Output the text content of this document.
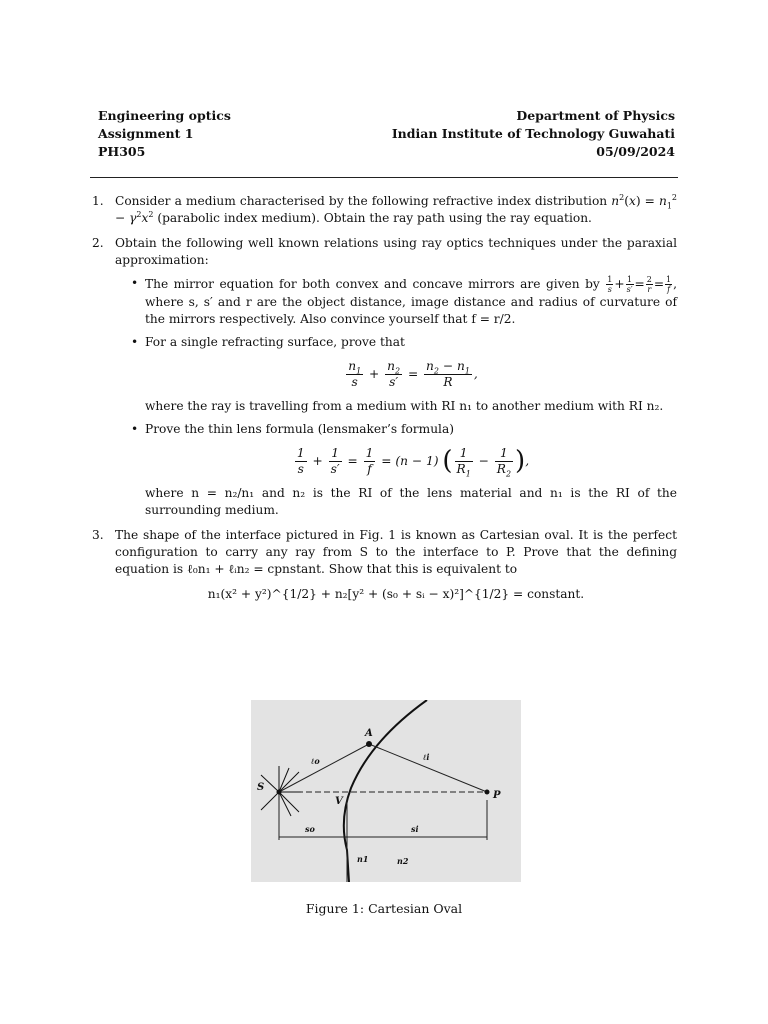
Engineering optics
Assignment 1
PH305
Department of Physics
Indian Institute of Technology Guwahati
05/09/2024
1. Consider a medium characterised by the following refractive index distribution $n^2(x) = n_1^2 - \gamma^2x^2$ (parabolic index medium). Obtain the ray path using the ray equation.
2. Obtain the following well known relations using ray optics techniques under the paraxial approximation:
• The mirror equation for both convex and concave mirrors are given by $\frac{1}{s} + \frac{1}{s'} = \frac{2}{r} = \frac{1}{f}$ , where s, s′ and r are the object distance, image distance and radius of curvature of the mirrors respectively. Also convince yourself that f = r/2.
• For a single refracting surface, prove that
$\frac{n_1}{s} + \frac{n_2}{s'} = \frac{n_2 - n_1}{R}$ ,
where the ray is travelling from a medium with RI n₁ to another medium with RI n₂.
• Prove the thin lens formula (lensmaker’s formula)
$\frac{1}{s} + \frac{1}{s'} = \frac{1}{f} = (n - 1)$ ( $\frac{1}{R_1} - \frac{1}{R_2}$ ),
where n = n₂/n₁ and n₂ is the RI of the lens material and n₁ is the RI of the surrounding medium.
3. The shape of the interface pictured in Fig. 1 is known as Cartesian oval. It is the perfect configuration to carry any ray from S to the interface to P. Prove that the defining equation is ℓ₀n₁ + ℓᵢn₂ = cpnstant. Show that this is equivalent to
n₁(x² + y²)^{1/2} + n₂[y² + (s₀ + sᵢ − x)²]^{1/2} = constant.
A
S
V
P
ℓo	ℓi
so	si
n1	n2
Figure 1: Cartesian Oval
